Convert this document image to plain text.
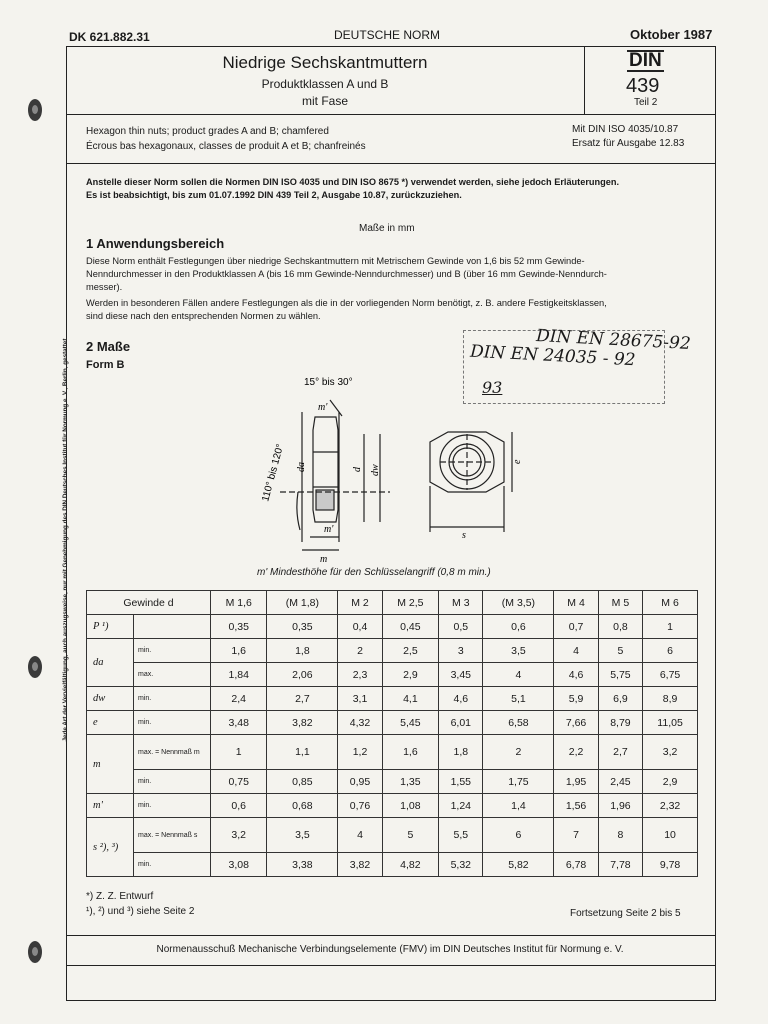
Jede Art der Vervielfältigung, auch auszugsweise, nur mit Genehmigung des DIN Deutsches Institut für Normung e. V., Berlin, gestattet
DK 621.882.31	DEUTSCHE NORM	Oktober 1987
Niedrige Sechskantmuttern
Produktklassen A und B
mit Fase
DIN
439
Teil 2
Hexagon thin nuts; product grades A and B; chamfered
Écrous bas hexagonaux, classes de produit A et B; chanfreinés
Mit DIN ISO 4035/10.87
Ersatz für Ausgabe 12.83
Anstelle dieser Norm sollen die Normen DIN ISO 4035 und DIN ISO 8675 *) verwendet werden, siehe jedoch Erläuterungen.
Es ist beabsichtigt, bis zum 01.07.1992 DIN 439 Teil 2, Ausgabe 10.87, zurückzuziehen.
Maße in mm
1 Anwendungsbereich
Diese Norm enthält Festlegungen über niedrige Sechskantmuttern mit Metrischem Gewinde von 1,6 bis 52 mm Gewinde-
Nenndurchmesser in den Produktklassen A (bis 16 mm Gewinde-Nenndurchmesser) und B (über 16 mm Gewinde-Nenndurch-
messer).
Werden in besonderen Fällen andere Festlegungen als die in der vorliegenden Norm benötigt, z. B. andere Festigkeitsklassen,
sind diese nach den entsprechenden Normen zu wählen.
2 Maße
Form B
DIN EN 28675-92
DIN EN 24035 - 92
93
15° bis 30°
m'
m'
m
da	d dw
110° bis 120°
s
e
m' Mindesthöhe für den Schlüsselangriff (0,8 m min.)
Gewinde d		M 1,6	(M 1,8)	M 2	M 2,5	M 3	(M 3,5)	M 4	M 5	M 6
P ¹)		0,35	0,35	0,4	0,45	0,5	0,6	0,7	0,8	1
da	min.	1,6	1,8	2	2,5	3	3,5	4	5	6
	max.	1,84	2,06	2,3	2,9	3,45	4	4,6	5,75	6,75
dw	min.	2,4	2,7	3,1	4,1	4,6	5,1	5,9	6,9	8,9
e	min.	3,48	3,82	4,32	5,45	6,01	6,58	7,66	8,79	11,05
m	max. = Nennmaß m	1	1,1	1,2	1,6	1,8	2	2,2	2,7	3,2
	min.	0,75	0,85	0,95	1,35	1,55	1,75	1,95	2,45	2,9
m'	min.	0,6	0,68	0,76	1,08	1,24	1,4	1,56	1,96	2,32
s ²), ³)	max. = Nennmaß s	3,2	3,5	4	5	5,5	6	7	8	10
	min.	3,08	3,38	3,82	4,82	5,32	5,82	6,78	7,78	9,78
*) Z. Z. Entwurf
¹), ²) und ³) siehe Seite 2	Fortsetzung Seite 2 bis 5
Normenausschuß Mechanische Verbindungselemente (FMV) im DIN Deutsches Institut für Normung e. V.
